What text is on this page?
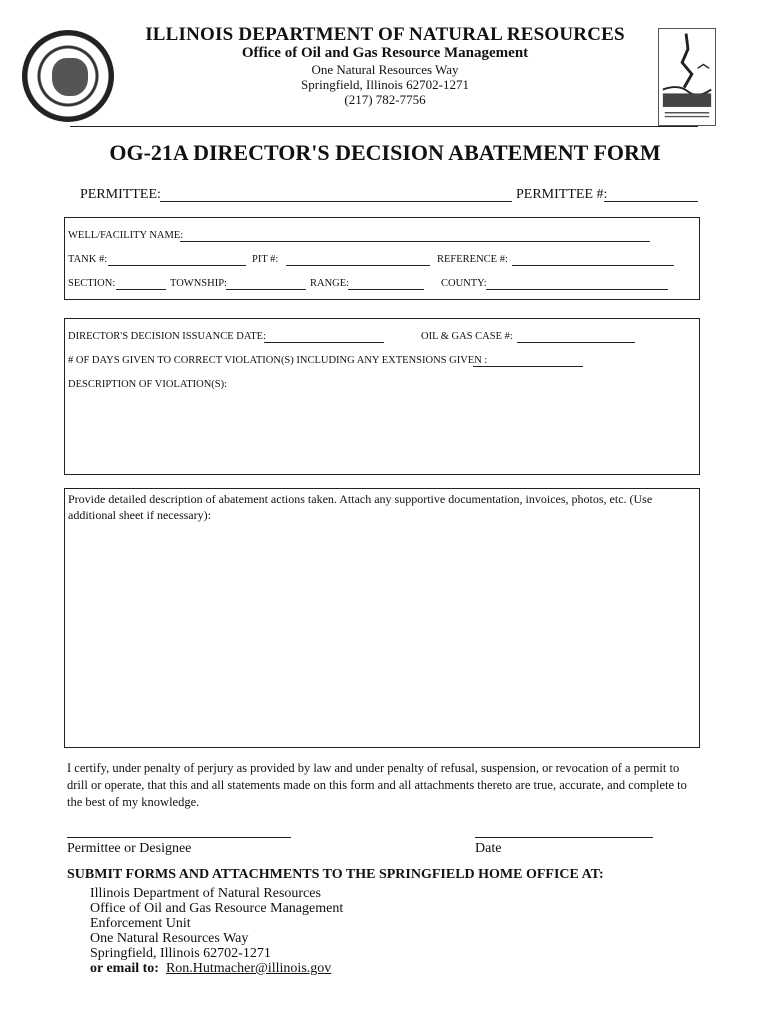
ILLINOIS DEPARTMENT OF NATURAL RESOURCES
Office of Oil and Gas Resource Management
One Natural Resources Way
Springfield, Illinois 62702-1271
(217) 782-7756
OG-21A DIRECTOR'S DECISION ABATEMENT FORM
PERMITTEE:	PERMITTEE #:
WELL/FACILITY NAME:
TANK #:	PIT #:	REFERENCE #:
SECTION:	TOWNSHIP:	RANGE:	COUNTY:
DIRECTOR'S DECISION ISSUANCE DATE:	OIL & GAS CASE #:
# OF DAYS GIVEN TO CORRECT VIOLATION(S) INCLUDING ANY EXTENSIONS GIVEN :
DESCRIPTION OF VIOLATION(S):
Provide detailed description of abatement actions taken. Attach any supportive documentation, invoices, photos, etc. (Use additional sheet if necessary):
I certify, under penalty of perjury as provided by law and under penalty of refusal, suspension, or revocation of a permit to drill or operate, that this and all statements made on this form and all attachments thereto are true, accurate, and complete to the best of my knowledge.
Permittee or Designee	Date
SUBMIT FORMS AND ATTACHMENTS TO THE SPRINGFIELD HOME OFFICE AT:
Illinois Department of Natural Resources
Office of Oil and Gas Resource Management
Enforcement Unit
One Natural Resources Way
Springfield, Illinois 62702-1271
or email to: Ron.Hutmacher@illinois.gov
